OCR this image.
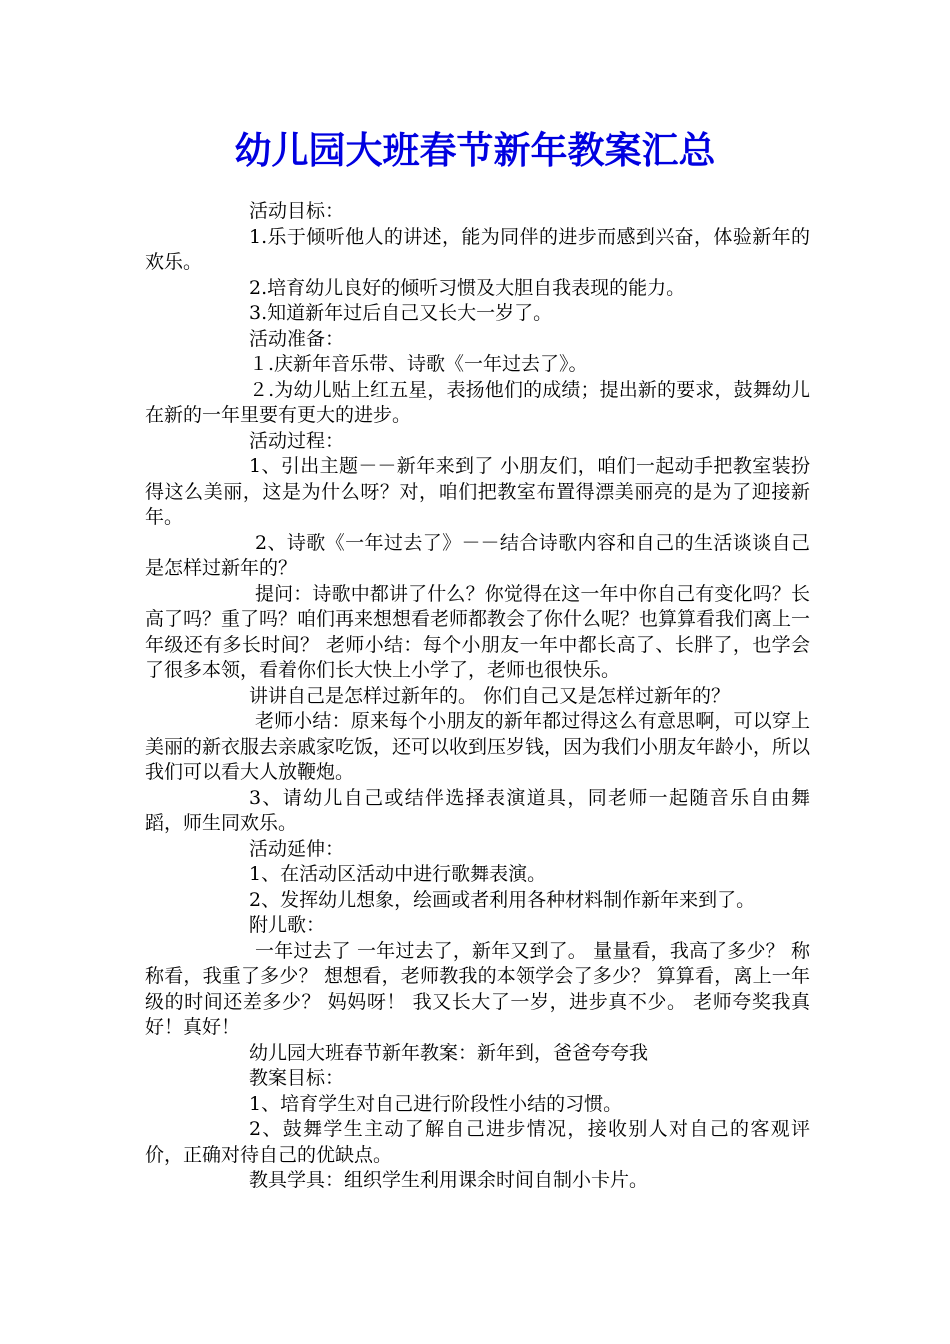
幼儿园大班春节新年教案汇总

活动目标：

1.乐于倾听他人的讲述，能为同伴的进步而感到兴奋，体验新年的欢乐。

2.培育幼儿良好的倾听习惯及大胆自我表现的能力。

3.知道新年过后自己又长大一岁了。

活动准备：

１.庆新年音乐带、诗歌《一年过去了》。

２.为幼儿贴上红五星，表扬他们的成绩；提出新的要求，鼓舞幼儿在新的一年里要有更大的进步。

活动过程：

1、引出主题－－新年来到了 小朋友们，咱们一起动手把教室装扮得这么美丽，这是为什么呀？对，咱们把教室布置得漂美丽亮的是为了迎接新年。

2、诗歌《一年过去了》－－结合诗歌内容和自己的生活谈谈自己是怎样过新年的？

提问：诗歌中都讲了什么？你觉得在这一年中你自己有变化吗？长高了吗？重了吗？咱们再来想想看老师都教会了你什么呢？也算算看我们离上一年级还有多长时间？ 老师小结：每个小朋友一年中都长高了、长胖了，也学会了很多本领，看着你们长大快上小学了，老师也很快乐。

讲讲自己是怎样过新年的。 你们自己又是怎样过新年的？

老师小结：原来每个小朋友的新年都过得这么有意思啊，可以穿上美丽的新衣服去亲戚家吃饭，还可以收到压岁钱，因为我们小朋友年龄小，所以我们可以看大人放鞭炮。

3、请幼儿自己或结伴选择表演道具，同老师一起随音乐自由舞蹈，师生同欢乐。

活动延伸：

1、在活动区活动中进行歌舞表演。

2、发挥幼儿想象，绘画或者利用各种材料制作新年来到了。

附儿歌：

一年过去了 一年过去了，新年又到了。 量量看，我高了多少？ 称称看，我重了多少？ 想想看，老师教我的本领学会了多少？ 算算看，离上一年级的时间还差多少？ 妈妈呀！ 我又长大了一岁，进步真不少。 老师夸奖我真好！真好！

幼儿园大班春节新年教案：新年到，爸爸夸夸我

教案目标：

1、培育学生对自己进行阶段性小结的习惯。

2、鼓舞学生主动了解自己进步情况，接收别人对自己的客观评价，正确对待自己的优缺点。

教具学具：组织学生利用课余时间自制小卡片。
